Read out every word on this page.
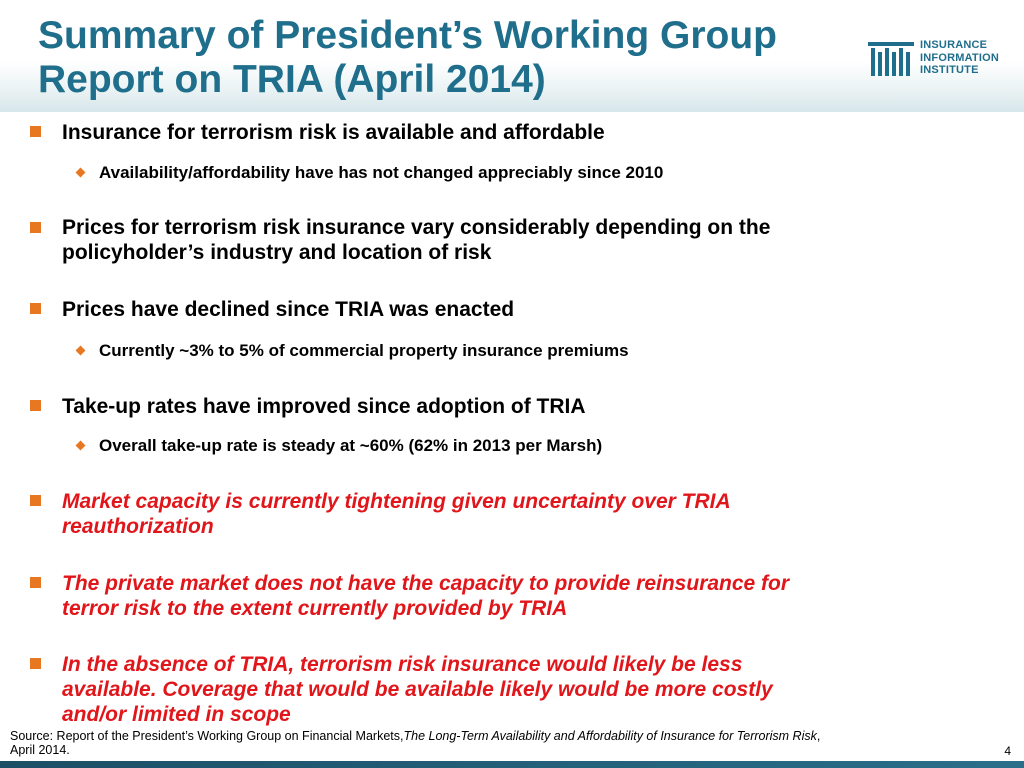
Summary of President’s Working Group
Report on TRIA (April 2014)
INSURANCE
INFORMATION
INSTITUTE
Insurance for terrorism risk is available and affordable
Availability/affordability have has not changed appreciably since 2010
Prices for terrorism risk insurance vary considerably depending on the
policyholder’s industry and location of risk
Prices have declined since TRIA was enacted
Currently ~3% to 5% of commercial property insurance premiums
Take-up rates have improved since adoption of TRIA
Overall take-up rate is steady at ~60% (62% in 2013 per Marsh)
Market capacity is currently tightening given uncertainty over TRIA
reauthorization
The private market does not have the capacity to provide reinsurance for
terror risk to the extent currently provided by TRIA
In the absence of TRIA, terrorism risk insurance would likely be less
available. Coverage that would be available likely would be more costly
and/or limited in scope
Source: Report of the President’s Working Group on Financial Markets,The Long-Term Availability and Affordability of Insurance for Terrorism Risk,
April 2014.	4
